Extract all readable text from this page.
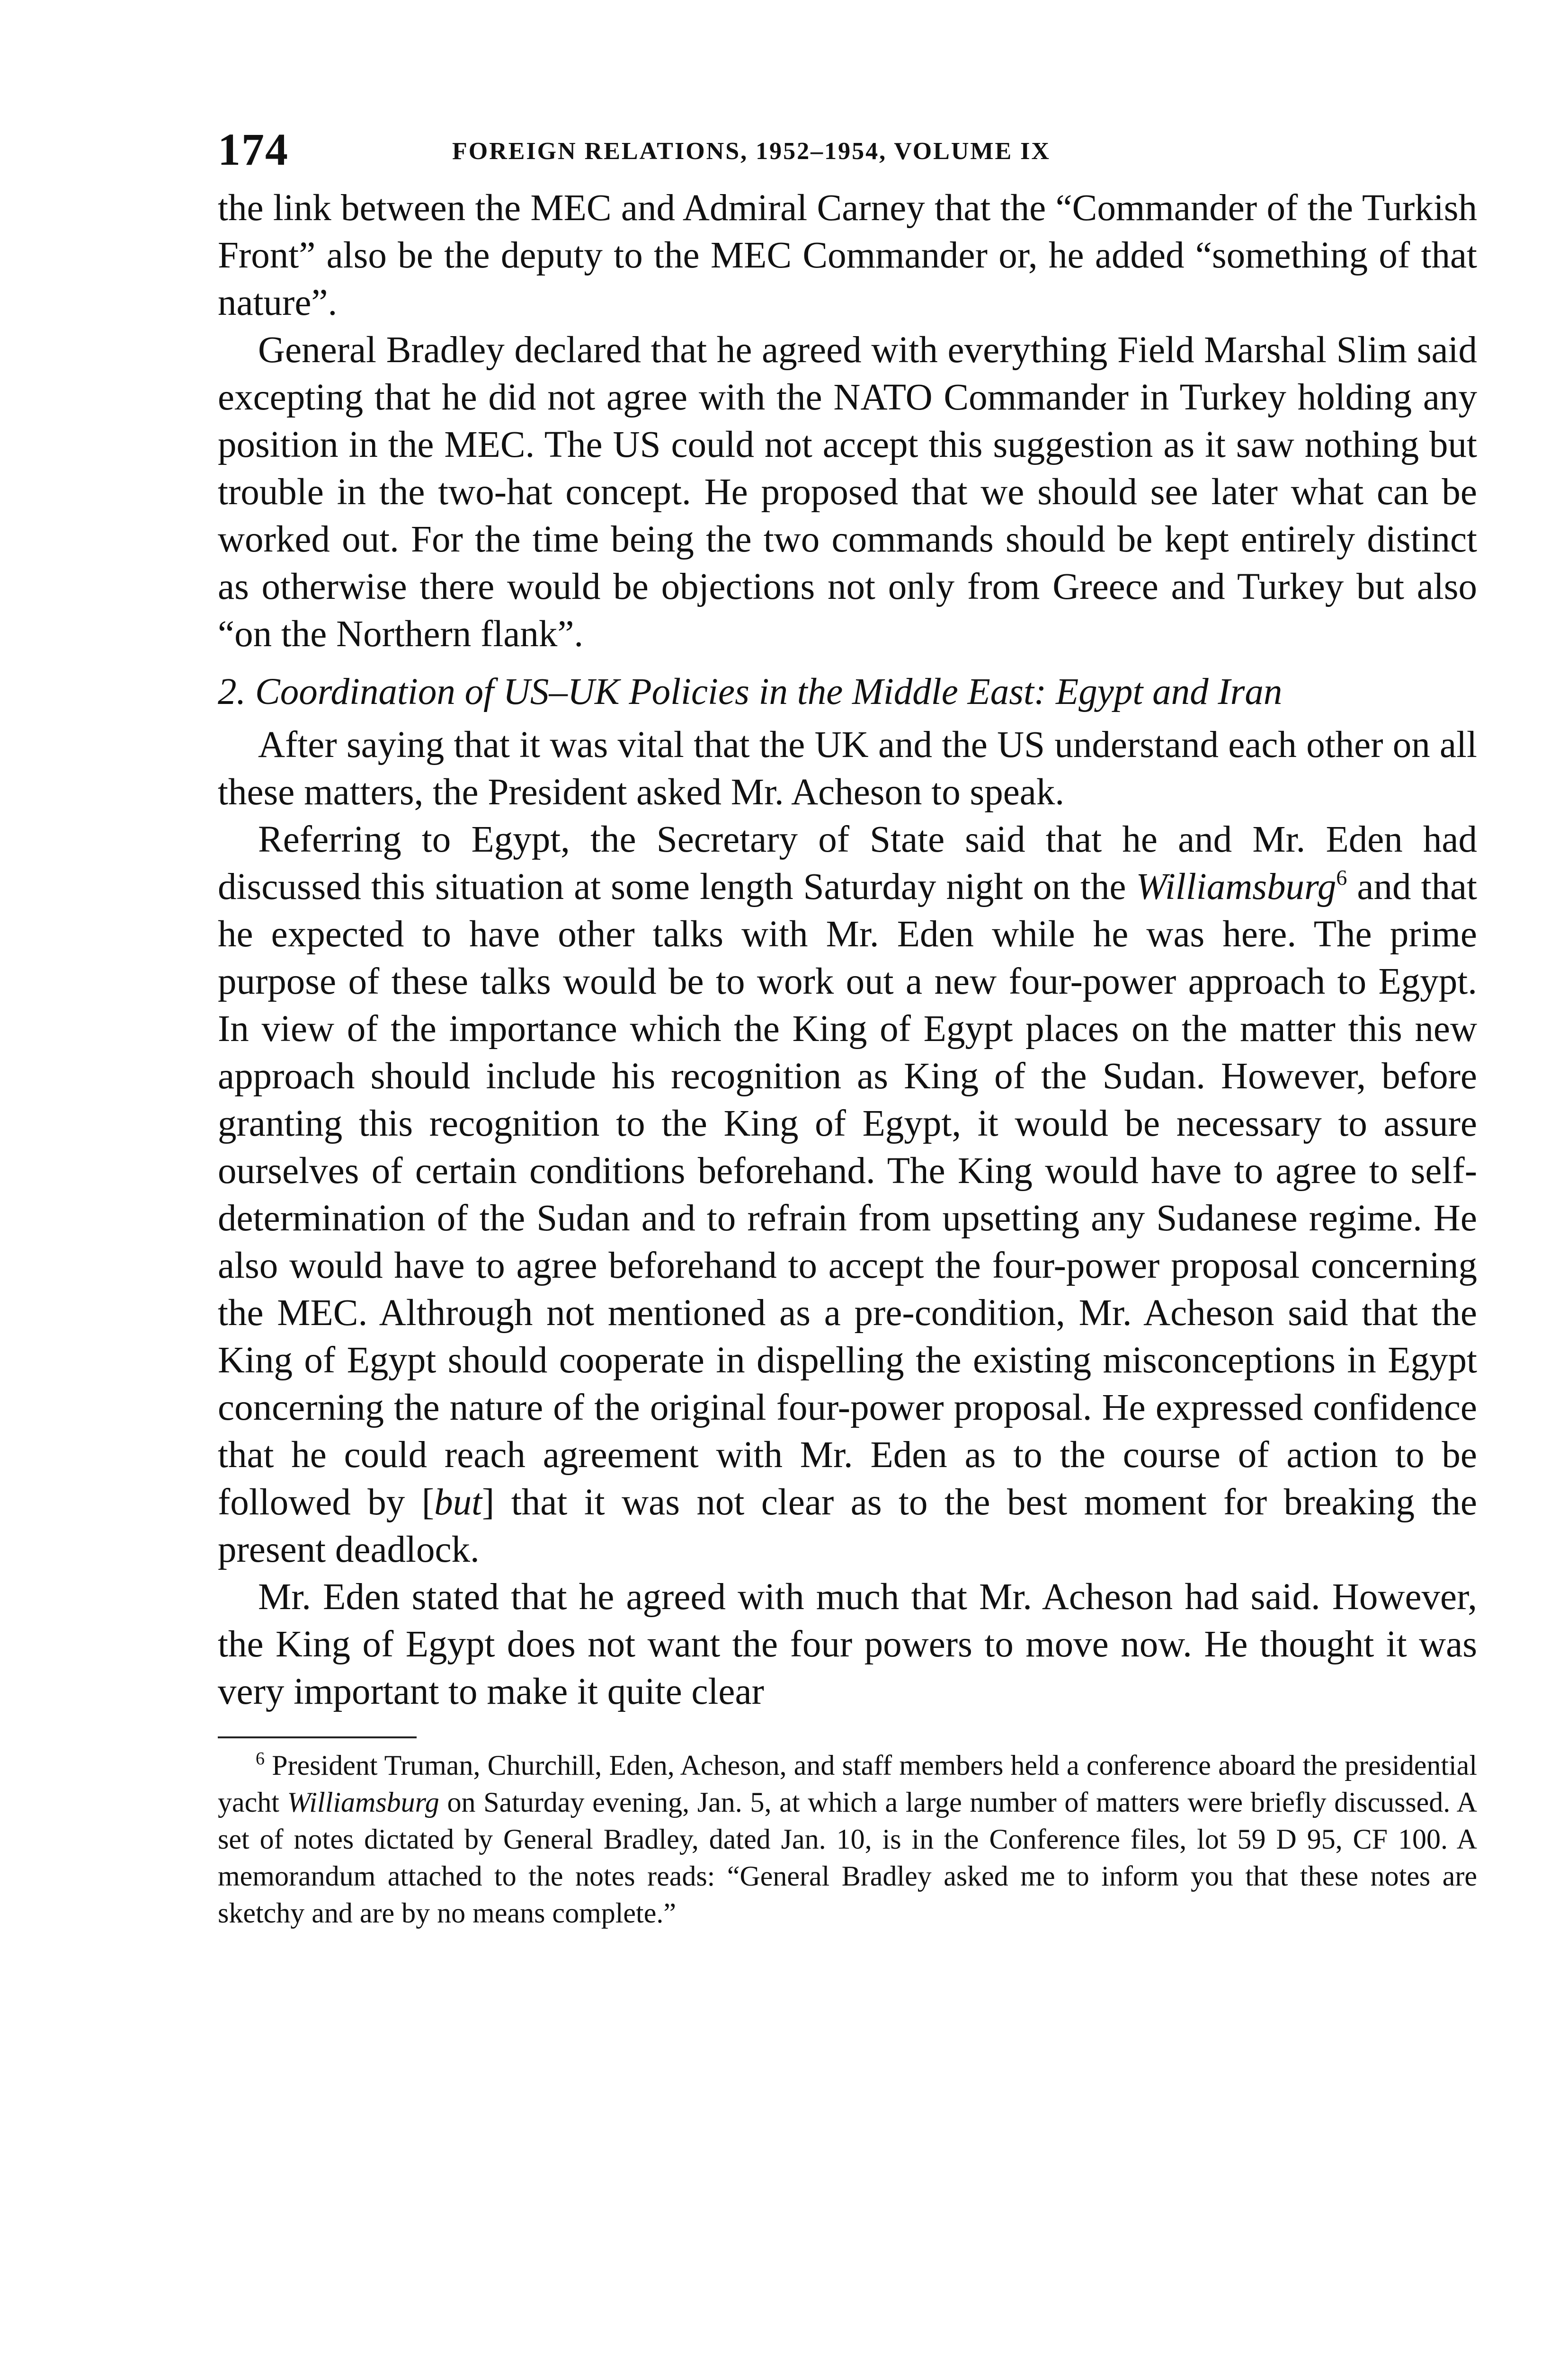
174	FOREIGN RELATIONS, 1952–1954, VOLUME IX

the link between the MEC and Admiral Carney that the “Commander of the Turkish Front” also be the deputy to the MEC Commander or, he added “something of that nature”.

General Bradley declared that he agreed with everything Field Marshal Slim said excepting that he did not agree with the NATO Commander in Turkey holding any position in the MEC. The US could not accept this suggestion as it saw nothing but trouble in the two-hat concept. He proposed that we should see later what can be worked out. For the time being the two commands should be kept entirely distinct as otherwise there would be objections not only from Greece and Turkey but also “on the Northern flank”.

2. Coordination of US–UK Policies in the Middle East: Egypt and Iran

After saying that it was vital that the UK and the US understand each other on all these matters, the President asked Mr. Acheson to speak.

Referring to Egypt, the Secretary of State said that he and Mr. Eden had discussed this situation at some length Saturday night on the Williamsburg$^6$ and that he expected to have other talks with Mr. Eden while he was here. The prime purpose of these talks would be to work out a new four-power approach to Egypt. In view of the importance which the King of Egypt places on the matter this new approach should include his recognition as King of the Sudan. However, before granting this recognition to the King of Egypt, it would be necessary to assure ourselves of certain conditions beforehand. The King would have to agree to self-determination of the Sudan and to refrain from upsetting any Sudanese regime. He also would have to agree beforehand to accept the four-power proposal concerning the MEC. Althrough not mentioned as a pre-condition, Mr. Acheson said that the King of Egypt should cooperate in dispelling the existing misconceptions in Egypt concerning the nature of the original four-power proposal. He expressed confidence that he could reach agreement with Mr. Eden as to the course of action to be followed by [but] that it was not clear as to the best moment for breaking the present deadlock.

Mr. Eden stated that he agreed with much that Mr. Acheson had said. However, the King of Egypt does not want the four powers to move now. He thought it was very important to make it quite clear

$^6$ President Truman, Churchill, Eden, Acheson, and staff members held a conference aboard the presidential yacht Williamsburg on Saturday evening, Jan. 5, at which a large number of matters were briefly discussed. A set of notes dictated by General Bradley, dated Jan. 10, is in the Conference files, lot 59 D 95, CF 100. A memorandum attached to the notes reads: “General Bradley asked me to inform you that these notes are sketchy and are by no means complete.”
